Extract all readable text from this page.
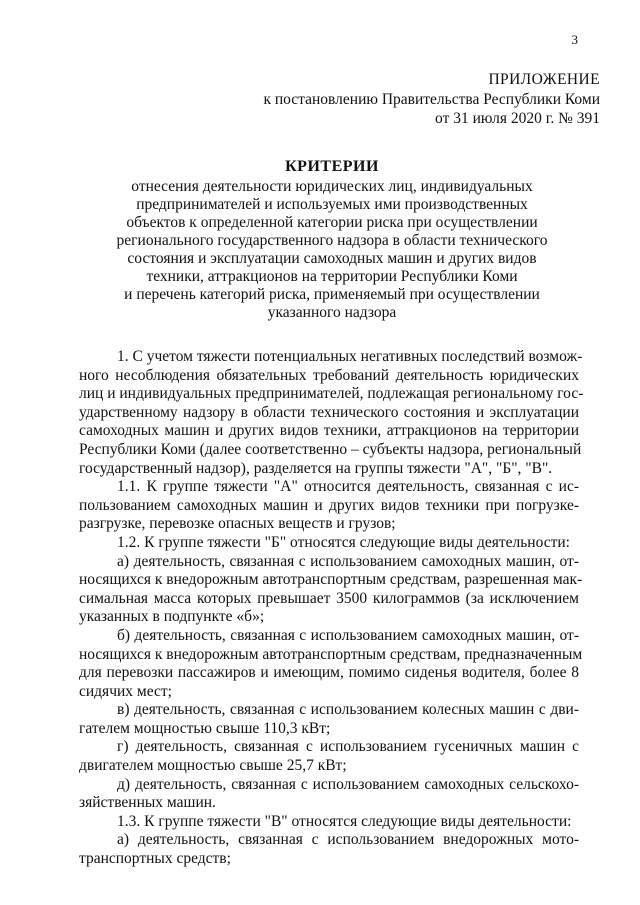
3
ПРИЛОЖЕНИЕ
к постановлению Правительства Республики Коми
от 31 июля 2020 г. № 391
КРИТЕРИИ
отнесения деятельности юридических лиц, индивидуальных
предпринимателей и используемых ими производственных
объектов к определенной категории риска при осуществлении
регионального государственного надзора в области технического
состояния и эксплуатации самоходных машин и других видов
техники, аттракционов на территории Республики Коми
и перечень категорий риска, применяемый при осуществлении
указанного надзора
1. С учетом тяжести потенциальных негативных последствий возмож-
ного несоблюдения обязательных требований деятельность юридических
лиц и индивидуальных предпринимателей, подлежащая региональному гос-
ударственному надзору в области технического состояния и эксплуатации
самоходных машин и других видов техники, аттракционов на территории
Республики Коми (далее соответственно – субъекты надзора, региональный
государственный надзор), разделяется на группы тяжести "А", "Б", "В".
1.1. К группе тяжести "А" относится деятельность, связанная с ис-
пользованием самоходных машин и других видов техники при погрузке-
разгрузке, перевозке опасных веществ и грузов;
1.2. К группе тяжести "Б" относятся следующие виды деятельности:
а) деятельность, связанная с использованием самоходных машин, от-
носящихся к внедорожным автотранспортным средствам, разрешенная мак-
симальная масса которых превышает 3500 килограммов (за исключением
указанных в подпункте «б»;
б) деятельность, связанная с использованием самоходных машин, от-
носящихся к внедорожным автотранспортным средствам, предназначенным
для перевозки пассажиров и имеющим, помимо сиденья водителя, более 8
сидячих мест;
в) деятельность, связанная с использованием колесных машин с дви-
гателем мощностью свыше 110,3 кВт;
г) деятельность, связанная с использованием гусеничных машин с
двигателем мощностью свыше 25,7 кВт;
д) деятельность, связанная с использованием самоходных сельскохо-
зяйственных машин.
1.3. К группе тяжести "В" относятся следующие виды деятельности:
а) деятельность, связанная с использованием внедорожных мото-
транспортных средств;
